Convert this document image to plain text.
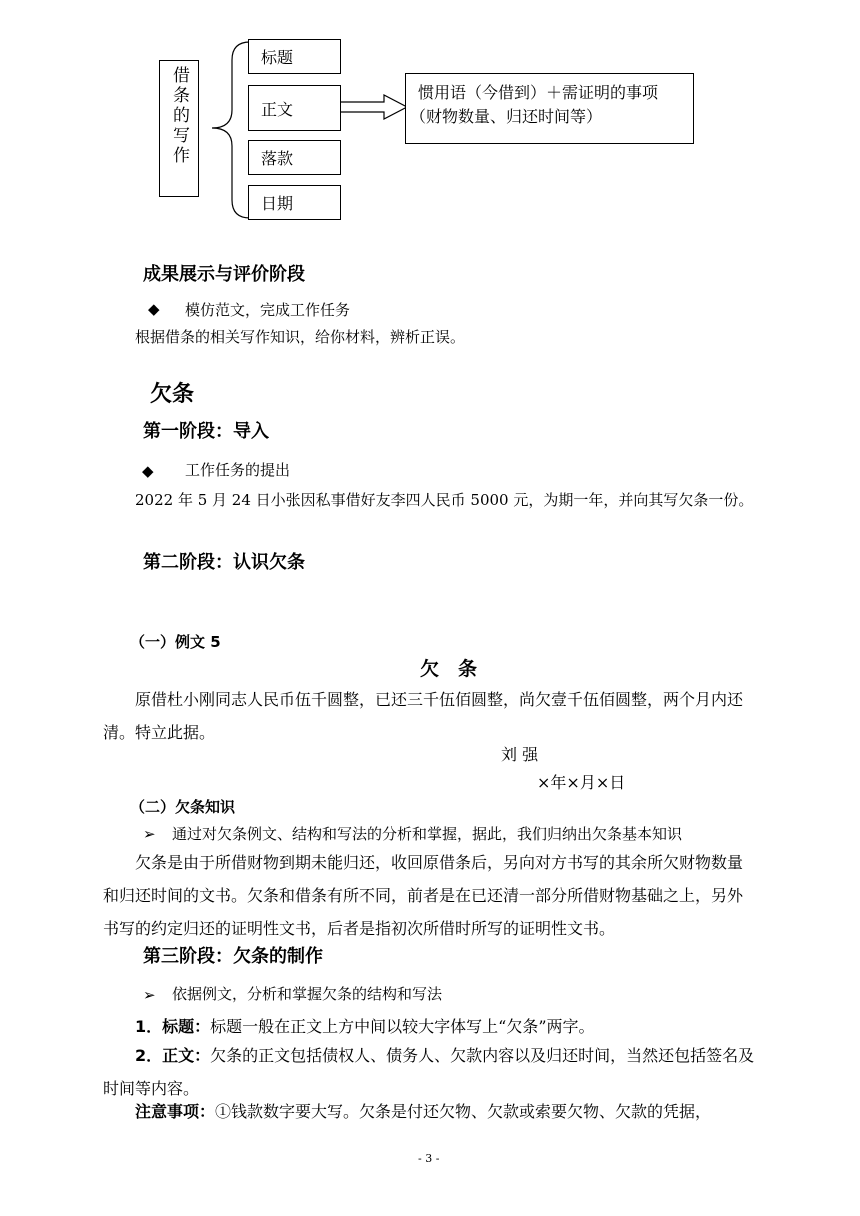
借条的写作
标题
正文
落款
日期
惯用语（今借到）＋需证明的事项
（财物数量、归还时间等）
成果展示与评价阶段
◆ 模仿范文，完成工作任务
根据借条的相关写作知识，给你材料，辨析正误。
欠条
第一阶段：导入
◆ 工作任务的提出
2022 年 5 月 24 日小张因私事借好友李四人民币 5000 元，为期一年，并向其写欠条一份。
第二阶段：认识欠条
（一）例文 5
欠　条
原借杜小刚同志人民币伍千圆整，已还三千伍佰圆整，尚欠壹千伍佰圆整，两个月内还清。特立此据。
刘 强
×年×月×日
（二）欠条知识
➢ 通过对欠条例文、结构和写法的分析和掌握，据此，我们归纳出欠条基本知识
欠条是由于所借财物到期未能归还，收回原借条后，另向对方书写的其余所欠财物数量和归还时间的文书。欠条和借条有所不同，前者是在已还清一部分所借财物基础之上，另外书写的约定归还的证明性文书，后者是指初次所借时所写的证明性文书。
第三阶段：欠条的制作
➢ 依据例文，分析和掌握欠条的结构和写法
1．标题：标题一般在正文上方中间以较大字体写上“欠条”两字。
2．正文：欠条的正文包括债权人、债务人、欠款内容以及归还时间，当然还包括签名及时间等内容。
注意事项：①钱款数字要大写。欠条是付还欠物、欠款或索要欠物、欠款的凭据，
- 3 -
